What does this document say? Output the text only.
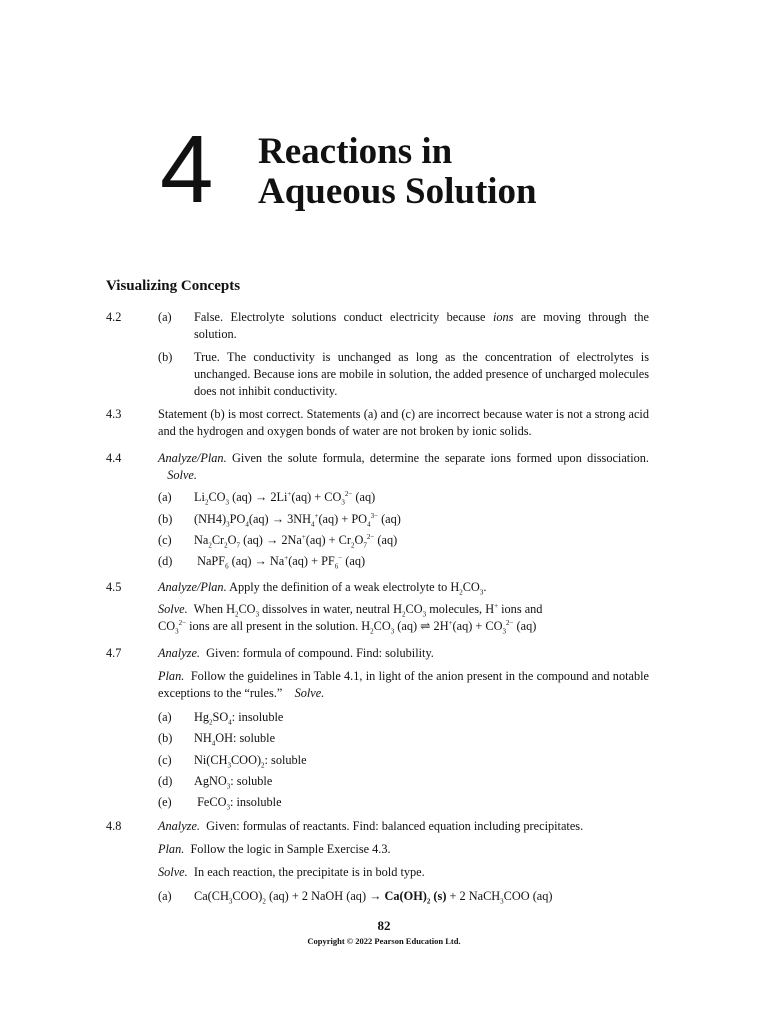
4 Reactions in
Aqueous Solution
Visualizing Concepts
4.2	(a) False. Electrolyte solutions conduct electricity because ions are moving through the solution.
(b) True. The conductivity is unchanged as long as the concentration of electrolytes is unchanged. Because ions are mobile in solution, the added presence of uncharged molecules does not inhibit conductivity.
4.3	Statement (b) is most correct. Statements (a) and (c) are incorrect because water is not a strong acid and the hydrogen and oxygen bonds of water are not broken by ionic solids.
4.4	Analyze/Plan. Given the solute formula, determine the separate ions formed upon dissociation.    Solve.
(a) $Li_2CO_3$ $(aq) \to 2Li^+(aq) + CO_3^{2-}$ (aq)
(b) $(NH4)_3PO_4(aq) \to 3NH_4^+(aq) + PO_4^{3-}$ (aq)
(c) $Na_2Cr_2O_7$ $(aq) \to 2Na^+(aq) + Cr_2O_7^{2-}$ (aq)
(d) NaPF$_6$ $(aq) \to Na^+(aq) + PF_6^-$ (aq)
4.5	Analyze/Plan. Apply the definition of a weak electrolyte to $H_2CO_3$.
Solve. When $H_2CO_3$ dissolves in water, neutral $H_2CO_3$ molecules, H+ ions and
$CO_3^{2-}$ ions are all present in the solution. $H_2CO_3$ (aq) ⇌ $2H^+(aq) + CO_3^{2-}$ (aq)
4.7	Analyze. Given: formula of compound. Find: solubility.
Plan. Follow the guidelines in Table 4.1, in light of the anion present in the compound and notable exceptions to the “rules.” Solve.
(a) $Hg_2SO_4$: insoluble
(b) $NH_4OH$: soluble
(c) $Ni(CH_3COO)_2$: soluble
(d) AgNO$_3$: soluble
(e) FeCO$_3$: insoluble
4.8	Analyze. Given: formulas of reactants. Find: balanced equation including precipitates.
Plan. Follow the logic in Sample Exercise 4.3.
Solve. In each reaction, the precipitate is in bold type.
(a) $Ca(CH_3COO)_2$ (aq) + 2 NaOH $(aq) \to Ca(OH)_2$ (s) + 2 NaCH$_3$COO (aq)
82
Copyright © 2022 Pearson Education Ltd.
